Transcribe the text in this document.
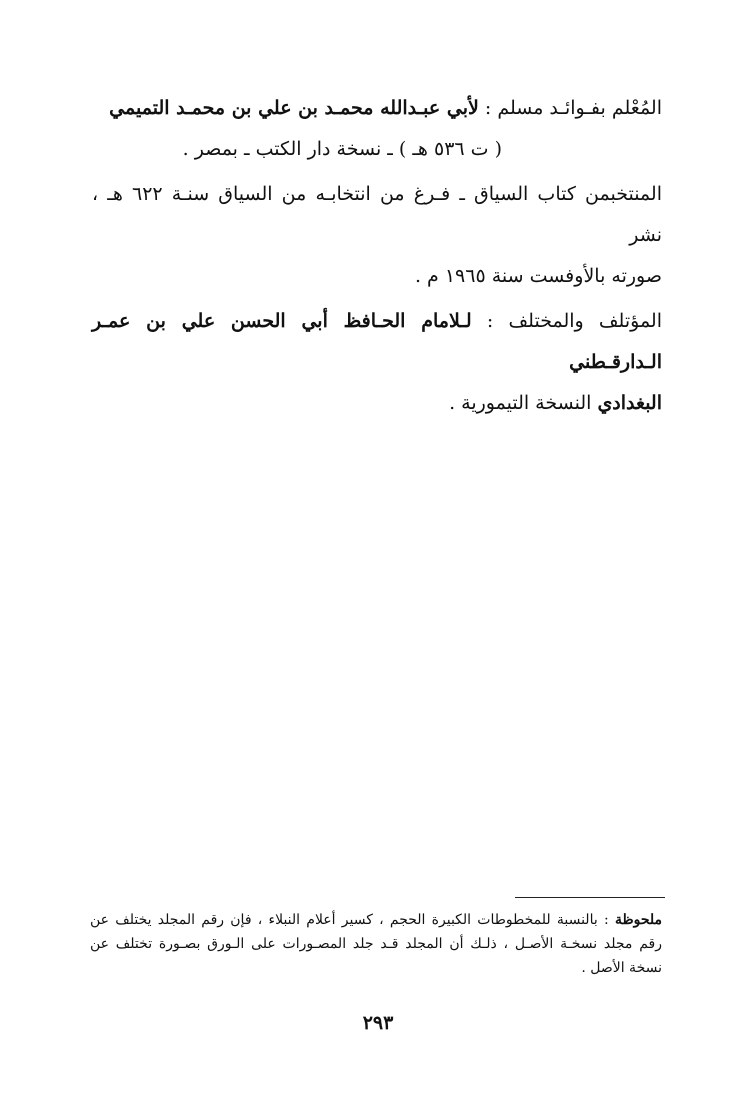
المُعْلم بفـوائـد مسلم : لأبي عبـدالله محمـد بن علي بن محمـد التميمي
( ت ٥٣٦ هـ ) ـ نسخة دار الكتب ـ بمصر .

المنتخبمن كتاب السياق ـ فـرغ من انتخابـه من السياق سنـة ٦٢٢ هـ ، نشر
صورته بالأوفست سنة ١٩٦٥ م .

المؤتلف والمختلف : لـلامام الحـافظ أبي الحسن علي بن عمـر الـدارقـطني
البغدادي النسخة التيمورية .

ملحوظة : بالنسبة للمخطوطات الكبيرة الحجم ، كسير أعلام النبلاء ، فإن رقم المجلد يختلف عن رقم مجلد نسخـة الأصـل ، ذلـك أن المجلد قـد جلد المصـورات على الـورق بصـورة تختلف عن نسخة الأصل .

٢٩٣
